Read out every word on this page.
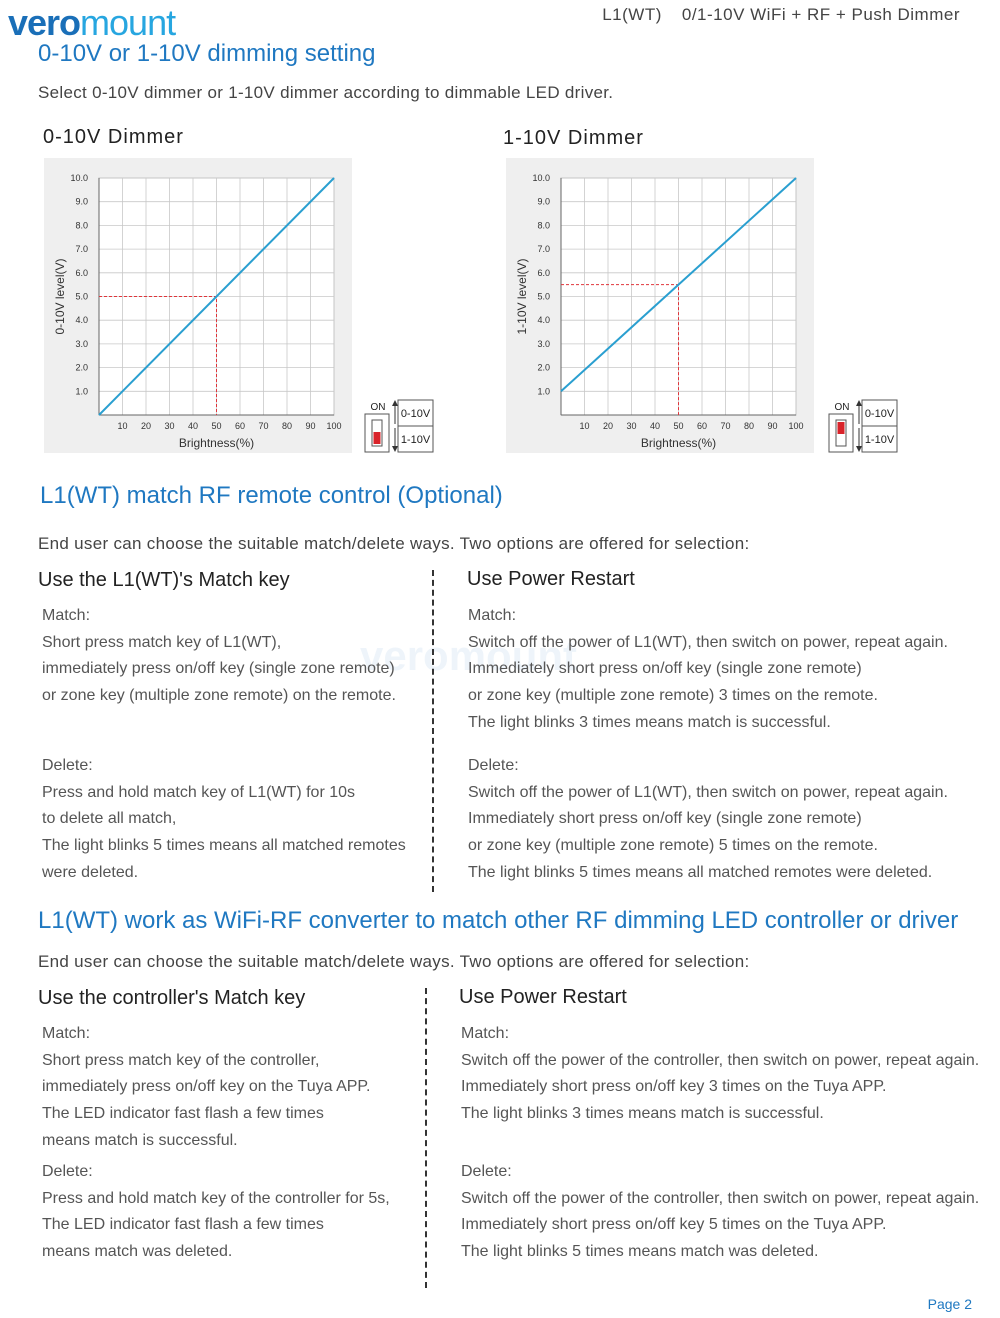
veromount	L1(WT) 0/1-10V WiFi + RF + Push Dimmer
veromount
0-10V or 1-10V dimming setting
Select 0-10V dimmer or 1-10V dimmer according to dimmable LED driver.
0-10V Dimmer	1-10V Dimmer
10 20 30 40 50 60 70 80 90 100
1.0
2.0
3.0
4.0
5.0
6.0
7.0
8.0
9.0
10.0
Brightness(%)
0-10V level(V)
10 20 30 40 50 60 70 80 90 100
1.0
2.0
3.0
4.0
5.0
6.0
7.0
8.0
9.0
10.0
Brightness(%)
1-10V level(V)
ON
0-10V
1-10V
ON
0-10V
1-10V
L1(WT) match RF remote control (Optional)
End user can choose the suitable match/delete ways. Two options are offered for selection:
Use the L1(WT)'s Match key	Use Power Restart
Match:
Short press match key of L1(WT),
immediately press on/off key (single zone remote)
or zone key (multiple zone remote) on the remote.
Delete:
Press and hold match key of L1(WT) for 10s
to delete all match,
The light blinks 5 times means all matched remotes
were deleted.
Match:
Switch off the power of L1(WT), then switch on power, repeat again.
Immediately short press on/off key (single zone remote)
or zone key (multiple zone remote) 3 times on the remote.
The light blinks 3 times means match is successful.
Delete:
Switch off the power of L1(WT), then switch on power, repeat again.
Immediately short press on/off key (single zone remote)
or zone key (multiple zone remote) 5 times on the remote.
The light blinks 5 times means all matched remotes were deleted.
L1(WT) work as WiFi-RF converter to match other RF dimming LED controller or driver
End user can choose the suitable match/delete ways. Two options are offered for selection:
Use the controller's Match key	Use Power Restart
Match:
Short press match key of the controller,
immediately press on/off key on the Tuya APP.
The LED indicator fast flash a few times
means match is successful.
Delete:
Press and hold match key of the controller for 5s,
The LED indicator fast flash a few times
means match was deleted.
Match:
Switch off the power of the controller, then switch on power, repeat again.
Immediately short press on/off key 3 times on the Tuya APP.
The light blinks 3 times means match is successful.
Delete:
Switch off the power of the controller, then switch on power, repeat again.
Immediately short press on/off key 5 times on the Tuya APP.
The light blinks 5 times means match was deleted.
Page 2
